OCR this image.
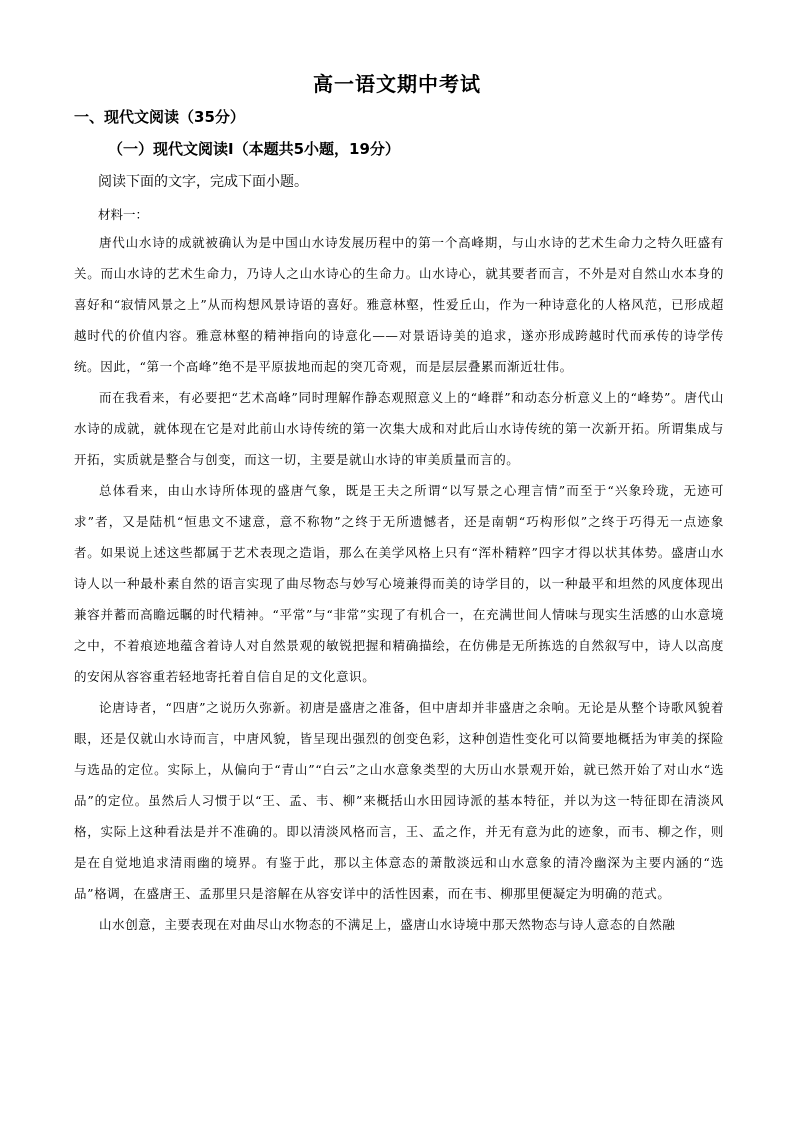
高一语文期中考试
一、现代文阅读（35分）
（一）现代文阅读Ⅰ（本题共5小题，19分）
阅读下面的文字，完成下面小题。
材料一：

唐代山水诗的成就被确认为是中国山水诗发展历程中的第一个高峰期，与山水诗的艺术生命力之特久旺盛有关。而山水诗的艺术生命力，乃诗人之山水诗心的生命力。山水诗心，就其要者而言，不外是对自然山水本身的喜好和“寂情风景之上”从而构想风景诗语的喜好。雅意林壑，性爱丘山，作为一种诗意化的人格风范，已形成超越时代的价值内容。雅意林壑的精神指向的诗意化——对景语诗美的追求，遂亦形成跨越时代而承传的诗学传统。因此，“第一个高峰”绝不是平原拔地而起的突兀奇观，而是层层叠累而渐近壮伟。

而在我看来，有必要把“艺术高峰”同时理解作静态观照意义上的“峰群”和动态分析意义上的“峰势”。唐代山水诗的成就，就体现在它是对此前山水诗传统的第一次集大成和对此后山水诗传统的第一次新开拓。所谓集成与开拓，实质就是整合与创变，而这一切，主要是就山水诗的审美质量而言的。

总体看来，由山水诗所体现的盛唐气象，既是王夫之所谓“以写景之心理言情”而至于“兴象玲珑，无迹可求”者，又是陆机“恒患文不逮意，意不称物”之终于无所遗憾者，还是南朝“巧构形似”之终于巧得无一点迹象者。如果说上述这些都属于艺术表现之造诣，那么在美学风格上只有“浑朴精粹”四字才得以状其体势。盛唐山水诗人以一种最朴素自然的语言实现了曲尽物态与妙写心境兼得而美的诗学目的，以一种最平和坦然的风度体现出兼容并蓄而高瞻远瞩的时代精神。“平常”与“非常”实现了有机合一，在充满世间人情味与现实生活感的山水意境之中，不着痕迹地蕴含着诗人对自然景观的敏锐把握和精确描绘，在仿佛是无所拣选的自然叙写中，诗人以高度的安闲从容容重若轻地寄托着自信自足的文化意识。

论唐诗者，“四唐”之说历久弥新。初唐是盛唐之准备，但中唐却并非盛唐之余响。无论是从整个诗歌风貌着眼，还是仅就山水诗而言，中唐风貌，皆呈现出强烈的创变色彩，这种创造性变化可以简要地概括为审美的探险与选品的定位。实际上，从偏向于“青山”“白云”之山水意象类型的大历山水景观开始，就已然开始了对山水“选品”的定位。虽然后人习惯于以“王、孟、韦、柳”来概括山水田园诗派的基本特征，并以为这一特征即在清淡风格，实际上这种看法是并不准确的。即以清淡风格而言，王、孟之作，并无有意为此的迹象，而韦、柳之作，则是在自觉地追求清雨幽的境界。有鉴于此，那以主体意态的萧散淡远和山水意象的清冷幽深为主要内涵的“选品”格调，在盛唐王、孟那里只是溶解在从容安详中的活性因素，而在韦、柳那里便凝定为明确的范式。

山水创意，主要表现在对曲尽山水物态的不满足上，盛唐山水诗境中那天然物态与诗人意态的自然融
